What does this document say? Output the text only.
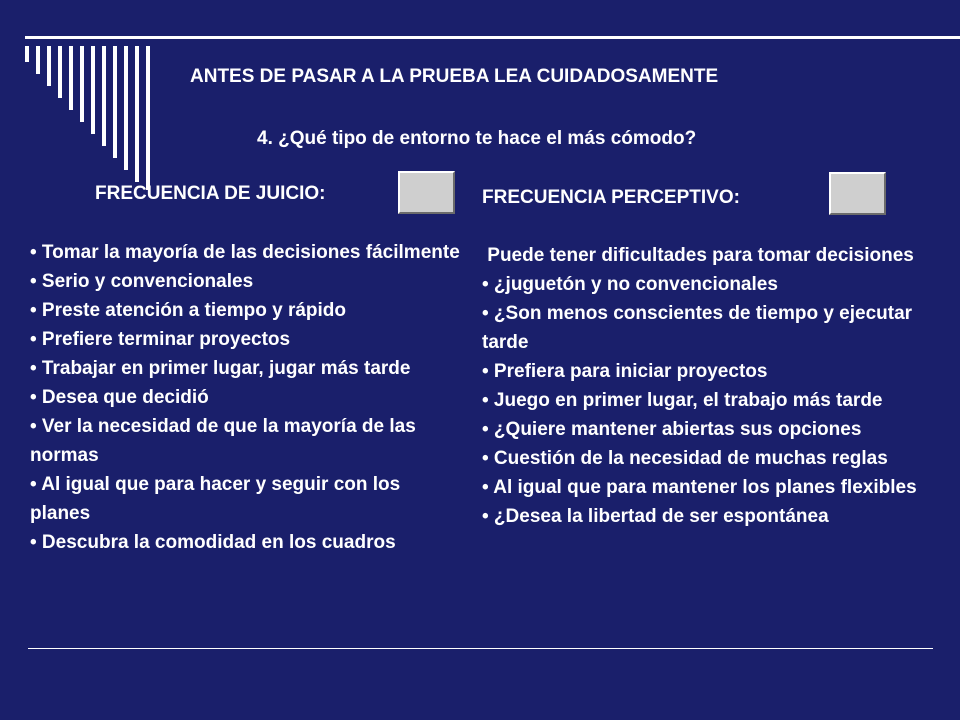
ANTES DE PASAR A LA PRUEBA LEA CUIDADOSAMENTE
4. ¿Qué tipo de entorno te hace el más cómodo?
FRECUENCIA DE JUICIO:
• Tomar la mayoría de las decisiones fácilmente
• Serio y convencionales
• Preste atención a tiempo y rápido
• Prefiere terminar proyectos
• Trabajar en primer lugar, jugar más tarde
• Desea que decidió
• Ver la necesidad de que la mayoría de las normas
• Al igual que para hacer y seguir con los planes
• Descubra la comodidad en los cuadros
FRECUENCIA PERCEPTIVO:
Puede tener dificultades para tomar decisiones
• ¿juguetón y no convencionales
• ¿Son menos conscientes de tiempo y ejecutar tarde
• Prefiera para iniciar proyectos
• Juego en primer lugar, el trabajo más tarde
• ¿Quiere mantener abiertas sus opciones
• Cuestión de la necesidad de muchas reglas
• Al igual que para mantener los planes flexibles
• ¿Desea la libertad de ser espontánea
